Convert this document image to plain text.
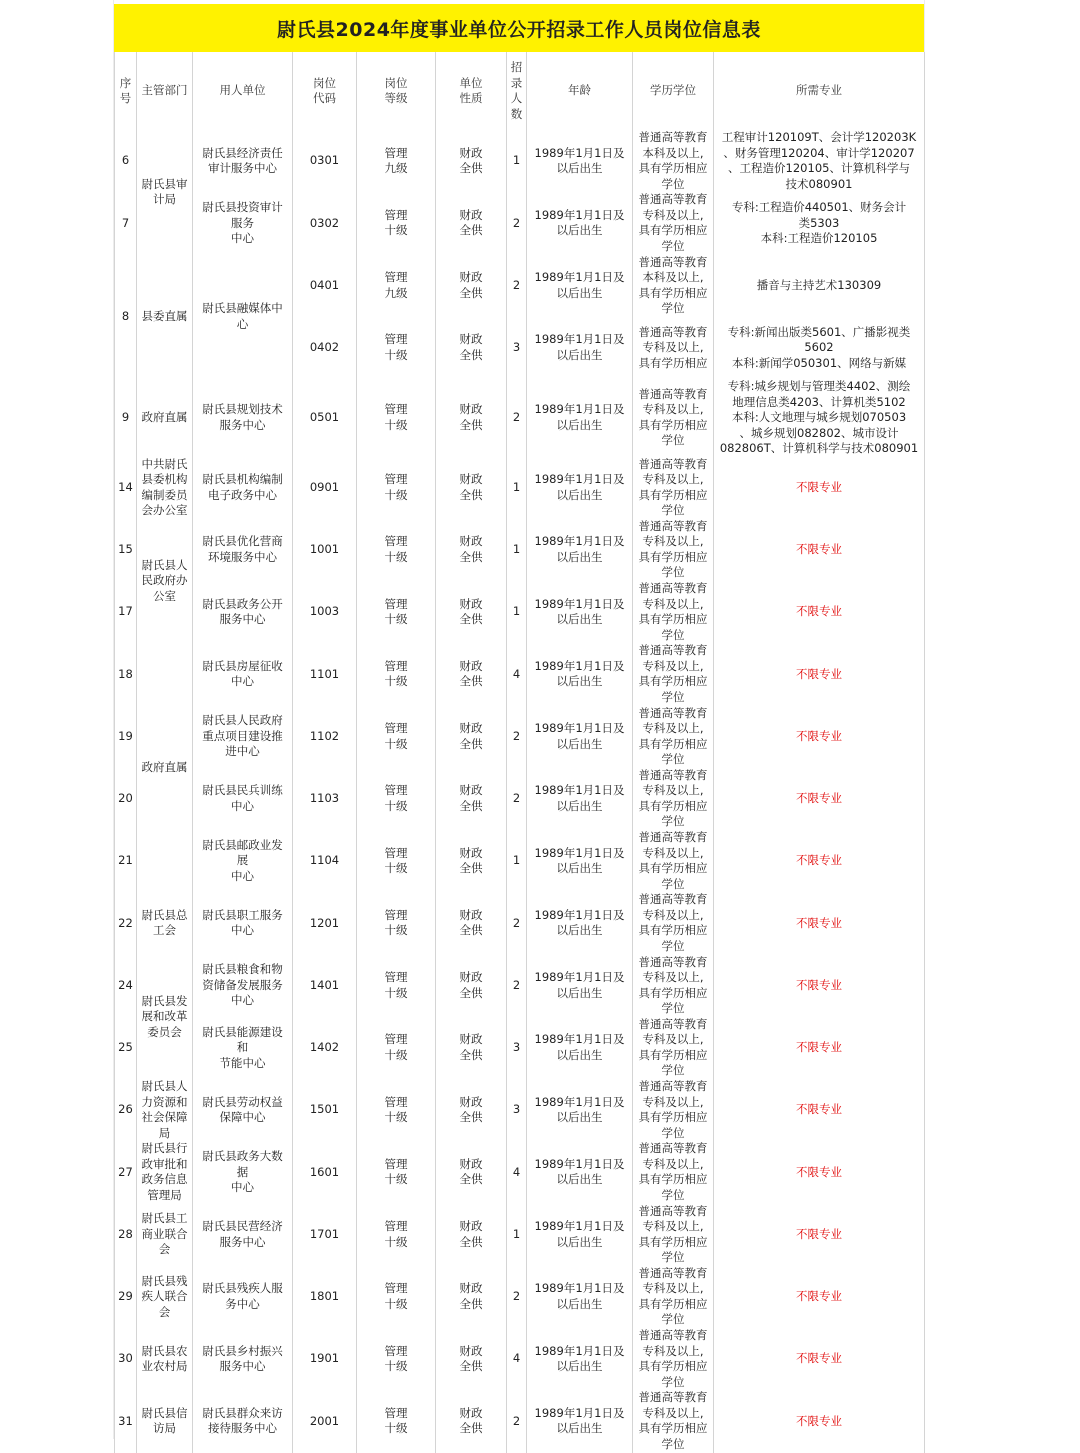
尉氏县2024年度事业单位公开招录工作人员岗位信息表
序
号	主管部门	用人单位	岗位
代码	岗位
等级	单位
性质	招
录
人
数	年龄	学历学位	所需专业
6	尉氏县审
计局	尉氏县经济责任
审计服务中心	0301	管理
九级	财政
全供	1	1989年1月1日及
以后出生	普通高等教育
本科及以上,
具有学历相应
学位	工程审计120109T、会计学120203K
、财务管理120204、审计学120207
、工程造价120105、计算机科学与
技术080901
7		尉氏县投资审计
服务
中心	0302	管理
十级	财政
全供	2	1989年1月1日及
以后出生	普通高等教育
专科及以上,
具有学历相应
学位	专科:工程造价440501、财务会计
类5303
本科:工程造价120105
8	县委直属	尉氏县融媒体中
心	0401	管理
九级	财政
全供	2	1989年1月1日及
以后出生	普通高等教育
本科及以上,
具有学历相应
学位	播音与主持艺术130309
			0402	管理
十级	财政
全供	3	1989年1月1日及
以后出生	普通高等教育
专科及以上,
具有学历相应	专科:新闻出版类5601、广播影视类
5602
本科:新闻学050301、网络与新媒
9	政府直属	尉氏县规划技术
服务中心	0501	管理
十级	财政
全供	2	1989年1月1日及
以后出生	普通高等教育
专科及以上,
具有学历相应
学位	专科:城乡规划与管理类4402、测绘
地理信息类4203、计算机类5102
本科:人文地理与城乡规划070503
、城乡规划082802、城市设计
082806T、计算机科学与技术080901
14	中共尉氏
县委机构
编制委员
会办公室	尉氏县机构编制
电子政务中心	0901	管理
十级	财政
全供	1	1989年1月1日及
以后出生	普通高等教育
专科及以上,
具有学历相应
学位	不限专业
15	尉氏县人
民政府办
公室	尉氏县优化营商
环境服务中心	1001	管理
十级	财政
全供	1	1989年1月1日及
以后出生	普通高等教育
专科及以上,
具有学历相应
学位	不限专业
17		尉氏县政务公开
服务中心	1003	管理
十级	财政
全供	1	1989年1月1日及
以后出生	普通高等教育
专科及以上,
具有学历相应
学位	不限专业
18	政府直属	尉氏县房屋征收
中心	1101	管理
十级	财政
全供	4	1989年1月1日及
以后出生	普通高等教育
专科及以上,
具有学历相应
学位	不限专业
19		尉氏县人民政府
重点项目建设推
进中心	1102	管理
十级	财政
全供	2	1989年1月1日及
以后出生	普通高等教育
专科及以上,
具有学历相应
学位	不限专业
20		尉氏县民兵训练
中心	1103	管理
十级	财政
全供	2	1989年1月1日及
以后出生	普通高等教育
专科及以上,
具有学历相应
学位	不限专业
21		尉氏县邮政业发
展
中心	1104	管理
十级	财政
全供	1	1989年1月1日及
以后出生	普通高等教育
专科及以上,
具有学历相应
学位	不限专业
22	尉氏县总
工会	尉氏县职工服务
中心	1201	管理
十级	财政
全供	2	1989年1月1日及
以后出生	普通高等教育
专科及以上,
具有学历相应
学位	不限专业
24	尉氏县发
展和改革
委员会	尉氏县粮食和物
资储备发展服务
中心	1401	管理
十级	财政
全供	2	1989年1月1日及
以后出生	普通高等教育
专科及以上,
具有学历相应
学位	不限专业
25		尉氏县能源建设
和
节能中心	1402	管理
十级	财政
全供	3	1989年1月1日及
以后出生	普通高等教育
专科及以上,
具有学历相应
学位	不限专业
26	尉氏县人
力资源和
社会保障
局	尉氏县劳动权益
保障中心	1501	管理
十级	财政
全供	3	1989年1月1日及
以后出生	普通高等教育
专科及以上,
具有学历相应
学位	不限专业
27	尉氏县行
政审批和
政务信息
管理局	尉氏县政务大数
据
中心	1601	管理
十级	财政
全供	4	1989年1月1日及
以后出生	普通高等教育
专科及以上,
具有学历相应
学位	不限专业
28	尉氏县工
商业联合
会	尉氏县民营经济
服务中心	1701	管理
十级	财政
全供	1	1989年1月1日及
以后出生	普通高等教育
专科及以上,
具有学历相应
学位	不限专业
29	尉氏县残
疾人联合
会	尉氏县残疾人服
务中心	1801	管理
十级	财政
全供	2	1989年1月1日及
以后出生	普通高等教育
专科及以上,
具有学历相应
学位	不限专业
30	尉氏县农
业农村局	尉氏县乡村振兴
服务中心	1901	管理
十级	财政
全供	4	1989年1月1日及
以后出生	普通高等教育
专科及以上,
具有学历相应
学位	不限专业
31	尉氏县信
访局	尉氏县群众来访
接待服务中心	2001	管理
十级	财政
全供	2	1989年1月1日及
以后出生	普通高等教育
专科及以上,
具有学历相应
学位	不限专业
